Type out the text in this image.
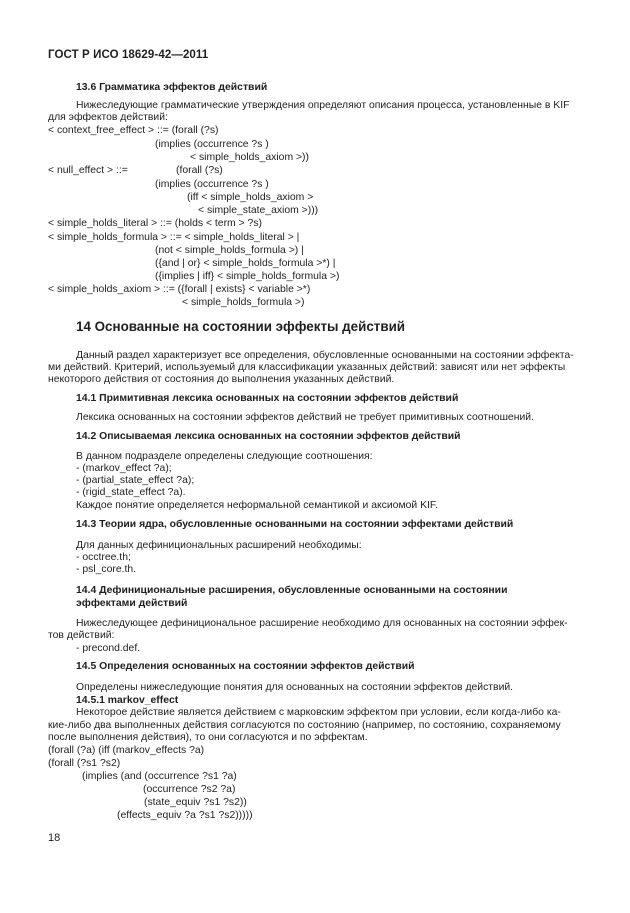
ГОСТ Р ИСО 18629-42—2011
13.6 Грамматика эффектов действий
Нижеследующие грамматические утверждения определяют описания процесса, установленные в KIF
для эффектов действий:
< context_free_effect > ::= (forall (?s)
(implies (occurrence ?s )
< simple_holds_axiom >))
< null_effect > ::=	(forall (?s)
(implies (occurrence ?s )
(iff < simple_holds_axiom >
< simple_state_axiom >)))
< simple_holds_literal > ::= (holds < term > ?s)
< simple_holds_formula > ::= < simple_holds_literal > |
(not < simple_holds_formula >) |
({and | or} < simple_holds_formula >*) |
({implies | iff} < simple_holds_formula >)
< simple_holds_axiom > ::= ({forall | exists} < variable >*)
< simple_holds_formula >)
14 Основанные на состоянии эффекты действий
Данный раздел характеризует все определения, обусловленные основанными на состоянии эффекта-
ми действий. Критерий, используемый для классификации указанных действий: зависят или нет эффекты
некоторого действия от состояния до выполнения указанных действий.
14.1 Примитивная лексика основанных на состоянии эффектов действий
Лексика основанных на состоянии эффектов действий не требует примитивных соотношений.
14.2 Описываемая лексика основанных на состоянии эффектов действий
В данном подразделе определены следующие соотношения:
- (markov_effect ?a);
- (partial_state_effect ?a);
- (rigid_state_effect ?a).
Каждое понятие определяется неформальной семантикой и аксиомой KIF.
14.3 Теории ядра, обусловленные основанными на состоянии эффектами действий
Для данных дефинициональных расширений необходимы:
- occtree.th;
- psl_core.th.
14.4 Дефинициональные расширения, обусловленные основанными на состоянии
эффектами действий
Нижеследующее дефинициональное расширение необходимо для основанных на состоянии эффек-
тов действий:
- precond.def.
14.5 Определения основанных на состоянии эффектов действий
Определены нижеследующие понятия для основанных на состоянии эффектов действий.
14.5.1 markov_effect
Некоторое действие является действием с марковским эффектом при условии, если когда-либо ка-
кие-либо два выполненных действия согласуются по состоянию (например, по состоянию, сохраняемому
после выполнения действия), то они согласуются и по эффектам.
(forall (?a) (iff (markov_effects ?a)
(forall (?s1 ?s2)
(implies (and (occurrence ?s1 ?a)
(occurrence ?s2 ?a)
(state_equiv ?s1 ?s2))
(effects_equiv ?a ?s1 ?s2)))))
18
